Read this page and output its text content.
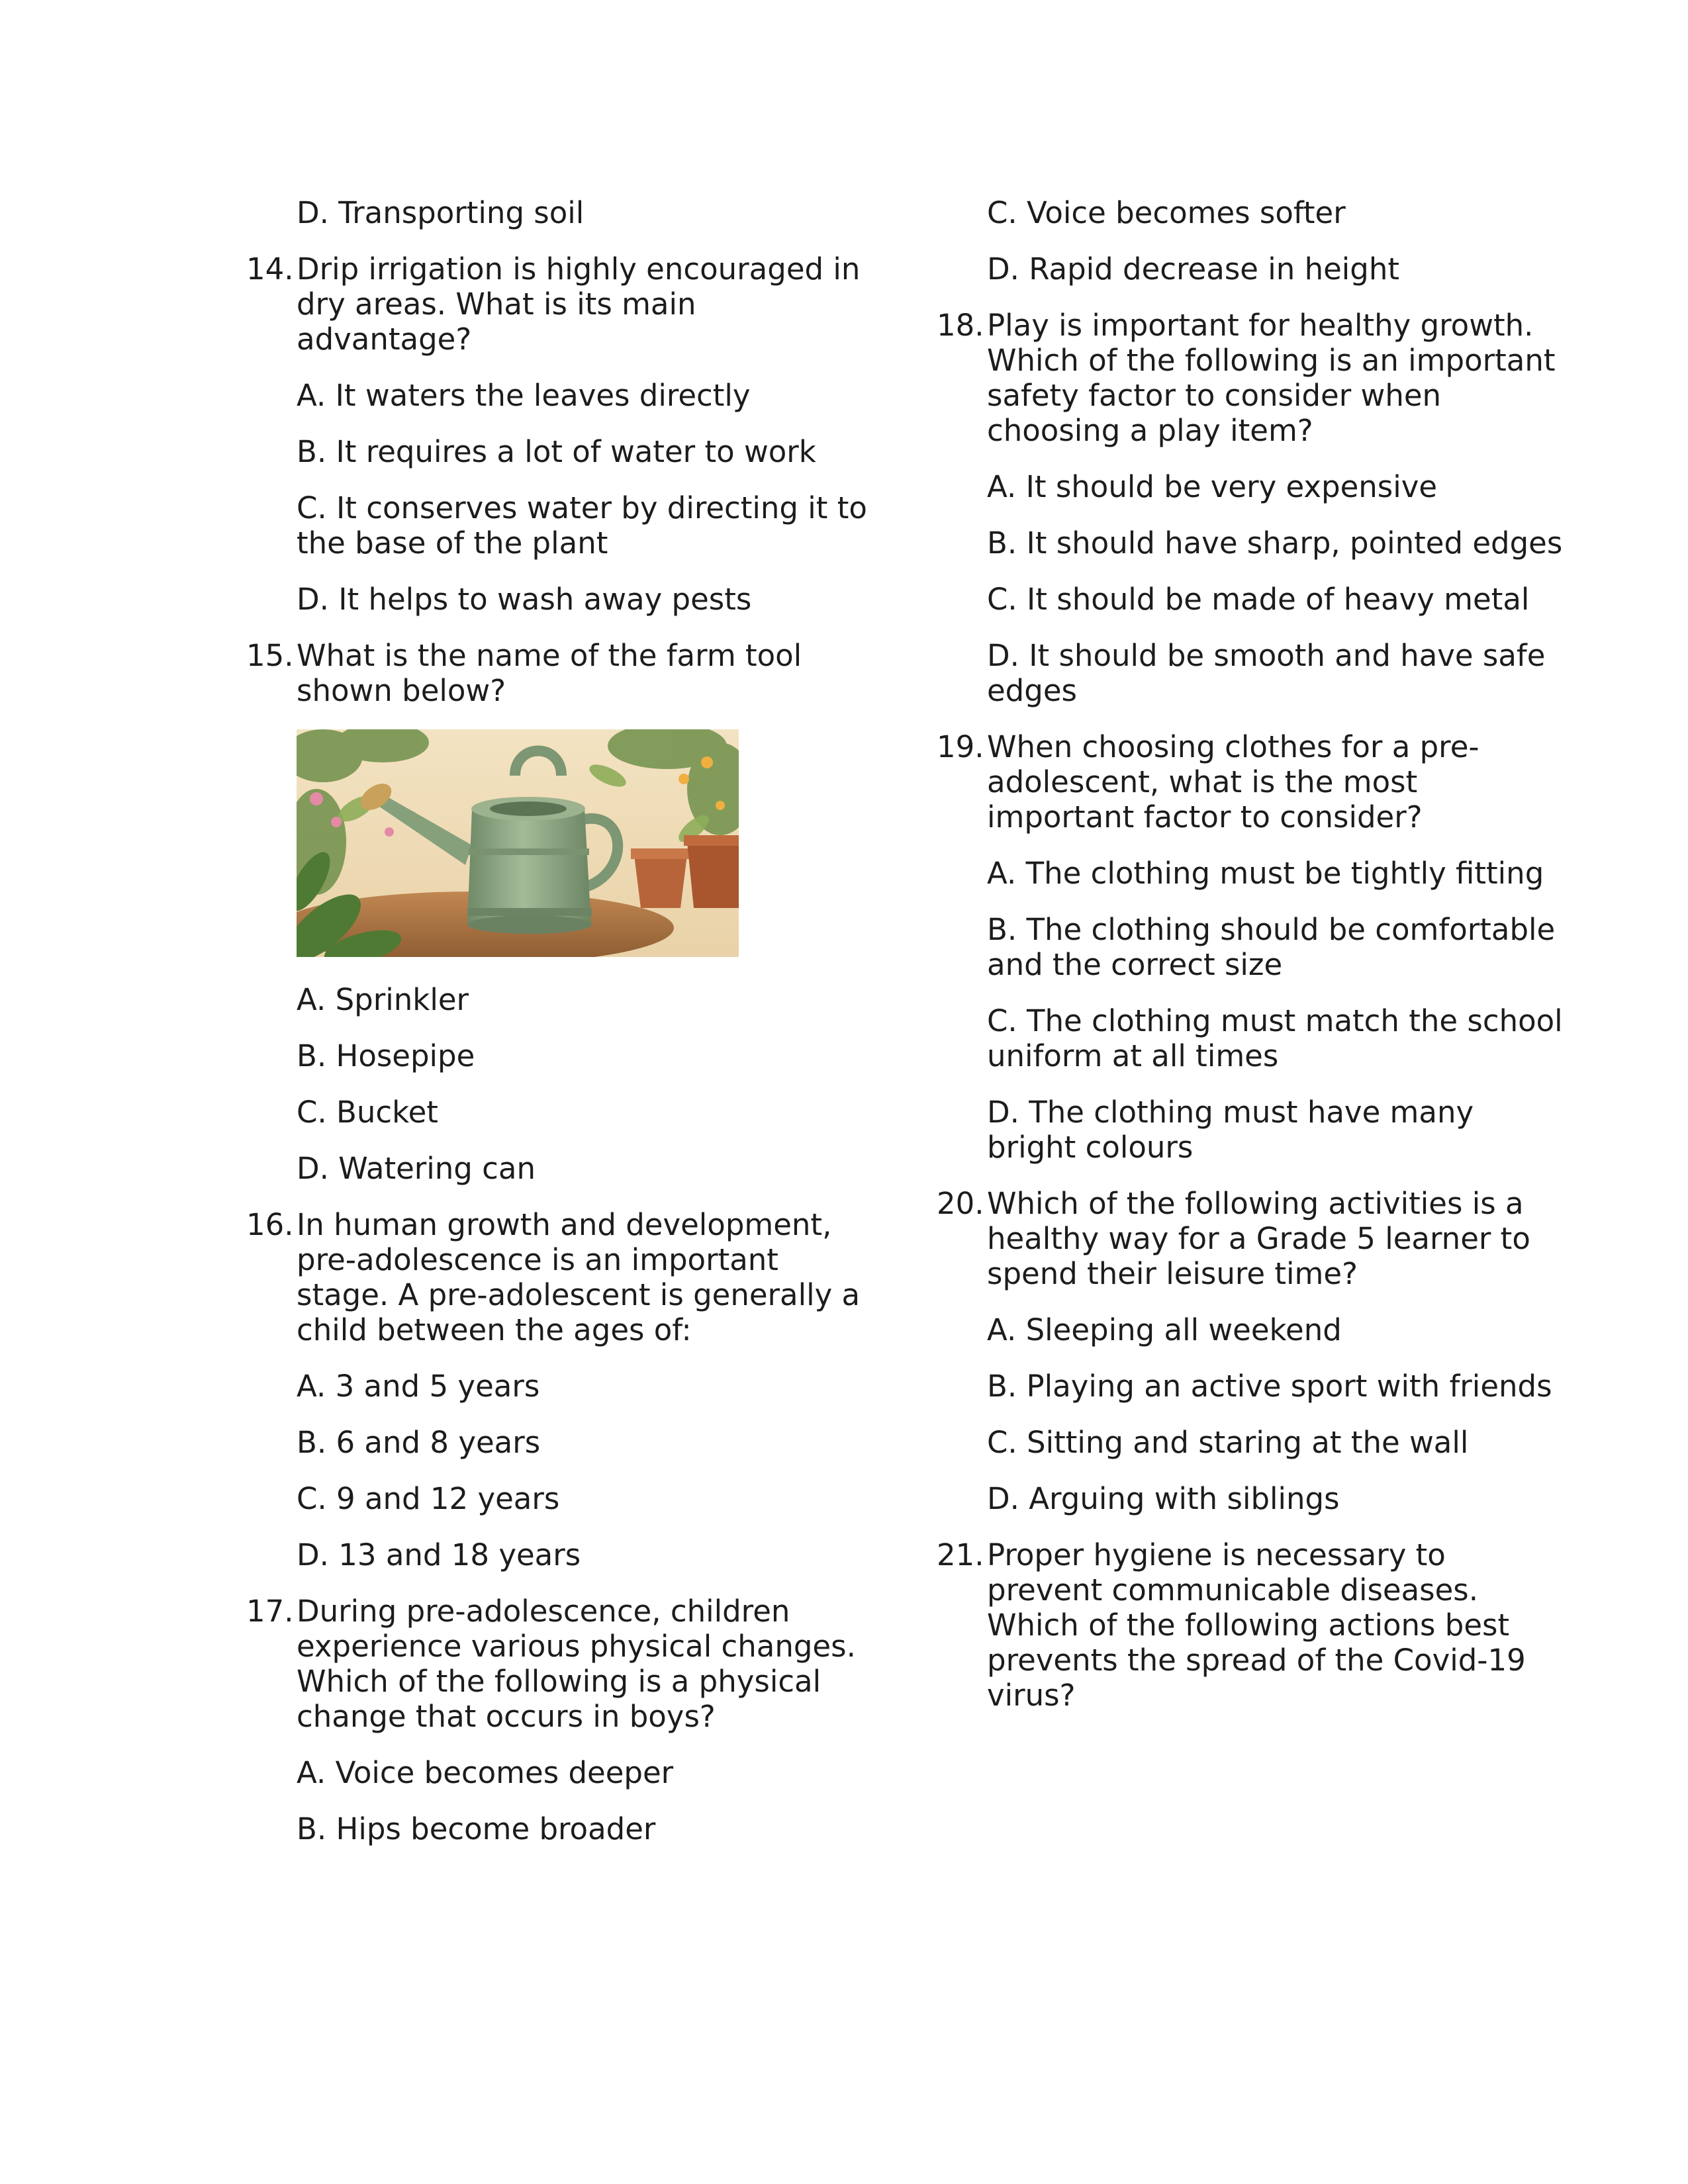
D. Transporting soil
14. Drip irrigation is highly encouraged in dry areas. What is its main advantage?
A. It waters the leaves directly
B. It requires a lot of water to work
C. It conserves water by directing it to the base of the plant
D. It helps to wash away pests
15. What is the name of the farm tool shown below?
A. Sprinkler
B. Hosepipe
C. Bucket
D. Watering can
16. In human growth and development, pre-adolescence is an important stage. A pre-adolescent is generally a child between the ages of:
A. 3 and 5 years
B. 6 and 8 years
C. 9 and 12 years
D. 13 and 18 years
17. During pre-adolescence, children experience various physical changes. Which of the following is a physical change that occurs in boys?
A. Voice becomes deeper
B. Hips become broader
C. Voice becomes softer
D. Rapid decrease in height
18. Play is important for healthy growth. Which of the following is an important safety factor to consider when choosing a play item?
A. It should be very expensive
B. It should have sharp, pointed edges
C. It should be made of heavy metal
D. It should be smooth and have safe edges
19. When choosing clothes for a pre-adolescent, what is the most important factor to consider?
A. The clothing must be tightly fitting
B. The clothing should be comfortable and the correct size
C. The clothing must match the school uniform at all times
D. The clothing must have many bright colours
20. Which of the following activities is a healthy way for a Grade 5 learner to spend their leisure time?
A. Sleeping all weekend
B. Playing an active sport with friends
C. Sitting and staring at the wall
D. Arguing with siblings
21. Proper hygiene is necessary to prevent communicable diseases. Which of the following actions best prevents the spread of the Covid-19 virus?
